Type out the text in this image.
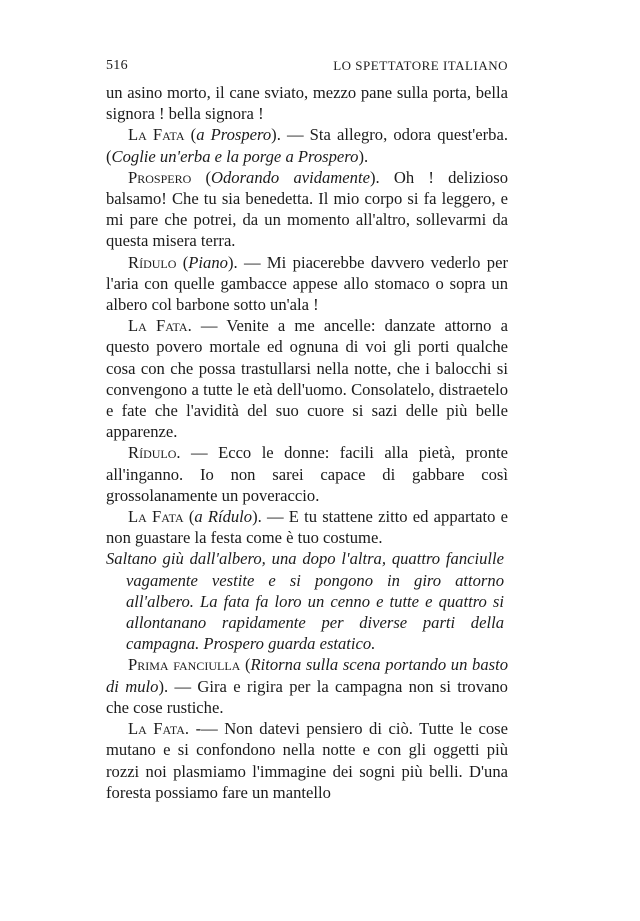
516	LO SPETTATORE ITALIANO

un asino morto, il cane sviato, mezzo pane sulla porta, bella signora ! bella signora !

La Fata (a Prospero). — Sta allegro, odora quest'erba. (Coglie un'erba e la porge a Prospero).

Prospero (Odorando avidamente). Oh ! delizioso balsamo! Che tu sia benedetta. Il mio corpo si fa leggero, e mi pare che potrei, da un momento all'altro, sollevarmi da questa misera terra.

Rídulo (Piano). — Mi piacerebbe davvero vederlo per l'aria con quelle gambacce appese allo stomaco o sopra un albero col barbone sotto un'ala !

La Fata. — Venite a me ancelle: danzate attorno a questo povero mortale ed ognuna di voi gli porti qualche cosa con che possa trastullarsi nella notte, che i balocchi si convengono a tutte le età dell'uomo. Consolatelo, distraetelo e fate che l'avidità del suo cuore si sazi delle più belle apparenze.

Rídulo. — Ecco le donne: facili alla pietà, pronte all'inganno. Io non sarei capace di gabbare così grossolanamente un poveraccio.

La Fata (a Rídulo). — E tu stattene zitto ed appartato e non guastare la festa come è tuo costume.

Saltano giù dall'albero, una dopo l'altra, quattro fanciulle vagamente vestite e si pongono in giro attorno all'albero. La fata fa loro un cenno e tutte e quattro si allontanano rapidamente per diverse parti della campagna. Prospero guarda estatico.

Prima fanciulla (Ritorna sulla scena portando un basto di mulo). — Gira e rigira per la campagna non si trovano che cose rustiche.

La Fata. -— Non datevi pensiero di ciò. Tutte le cose mutano e si confondono nella notte e con gli oggetti più rozzi noi plasmiamo l'immagine dei sogni più belli. D'una foresta possiamo fare un mantello
